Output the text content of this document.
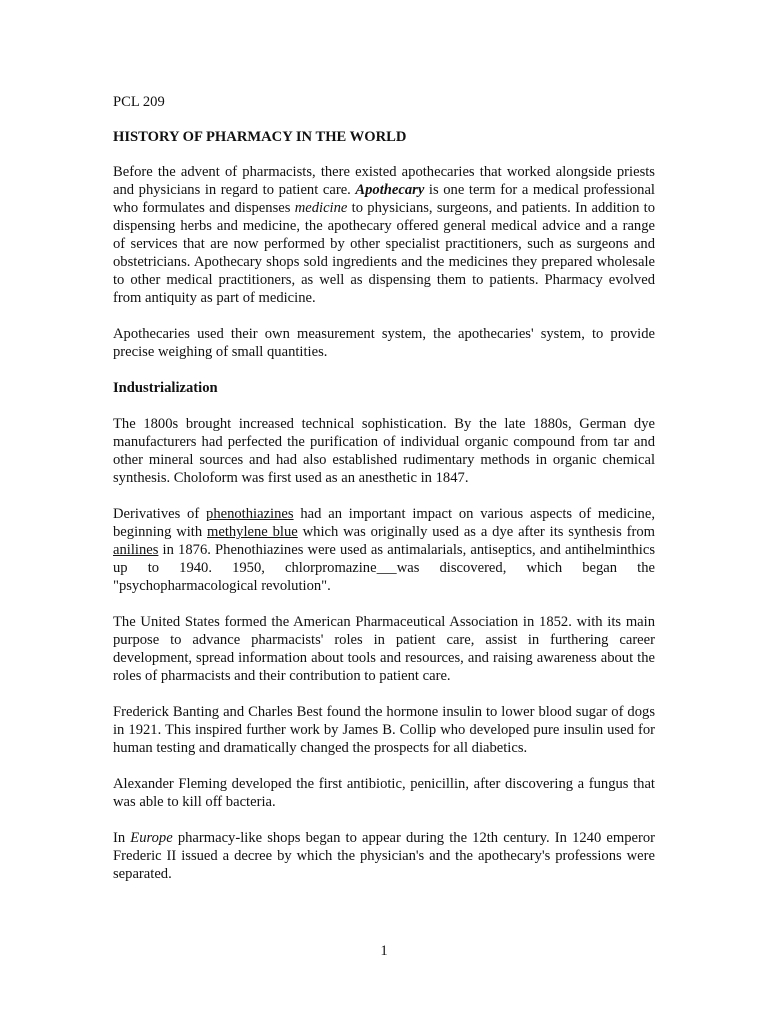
PCL 209

HISTORY OF PHARMACY IN THE WORLD

Before the advent of pharmacists, there existed apothecaries that worked alongside priests and physicians in regard to patient care. Apothecary is one term for a medical professional who formulates and dispenses medicine to physicians, surgeons, and patients. In addition to dispensing herbs and medicine, the apothecary offered general medical advice and a range of services that are now performed by other specialist practitioners, such as surgeons and obstetricians. Apothecary shops sold ingredients and the medicines they prepared wholesale to other medical practitioners, as well as dispensing them to patients. Pharmacy evolved from antiquity as part of medicine.

Apothecaries used their own measurement system, the apothecaries' system, to provide precise weighing of small quantities.

Industrialization

The 1800s brought increased technical sophistication. By the late 1880s, German dye manufacturers had perfected the purification of individual organic compound from tar and other mineral sources and had also established rudimentary methods in organic chemical synthesis. Choloform was first used as an anesthetic in 1847.

Derivatives of phenothiazines had an important impact on various aspects of medicine, beginning with methylene blue which was originally used as a dye after its synthesis from anilines in 1876. Phenothiazines were used as antimalarials, antiseptics, and antihelminthics up to 1940. 1950, chlorpromazine was discovered, which began the "psychopharmacological revolution".

The United States formed the American Pharmaceutical Association in 1852. with its main purpose to advance pharmacists' roles in patient care, assist in furthering career development, spread information about tools and resources, and raising awareness about the roles of pharmacists and their contribution to patient care.

Frederick Banting and Charles Best found the hormone insulin to lower blood sugar of dogs in 1921. This inspired further work by James B. Collip who developed pure insulin used for human testing and dramatically changed the prospects for all diabetics.

Alexander Fleming developed the first antibiotic, penicillin, after discovering a fungus that was able to kill off bacteria.

In Europe pharmacy-like shops began to appear during the 12th century. In 1240 emperor Frederic II issued a decree by which the physician's and the apothecary's professions were separated.

1
